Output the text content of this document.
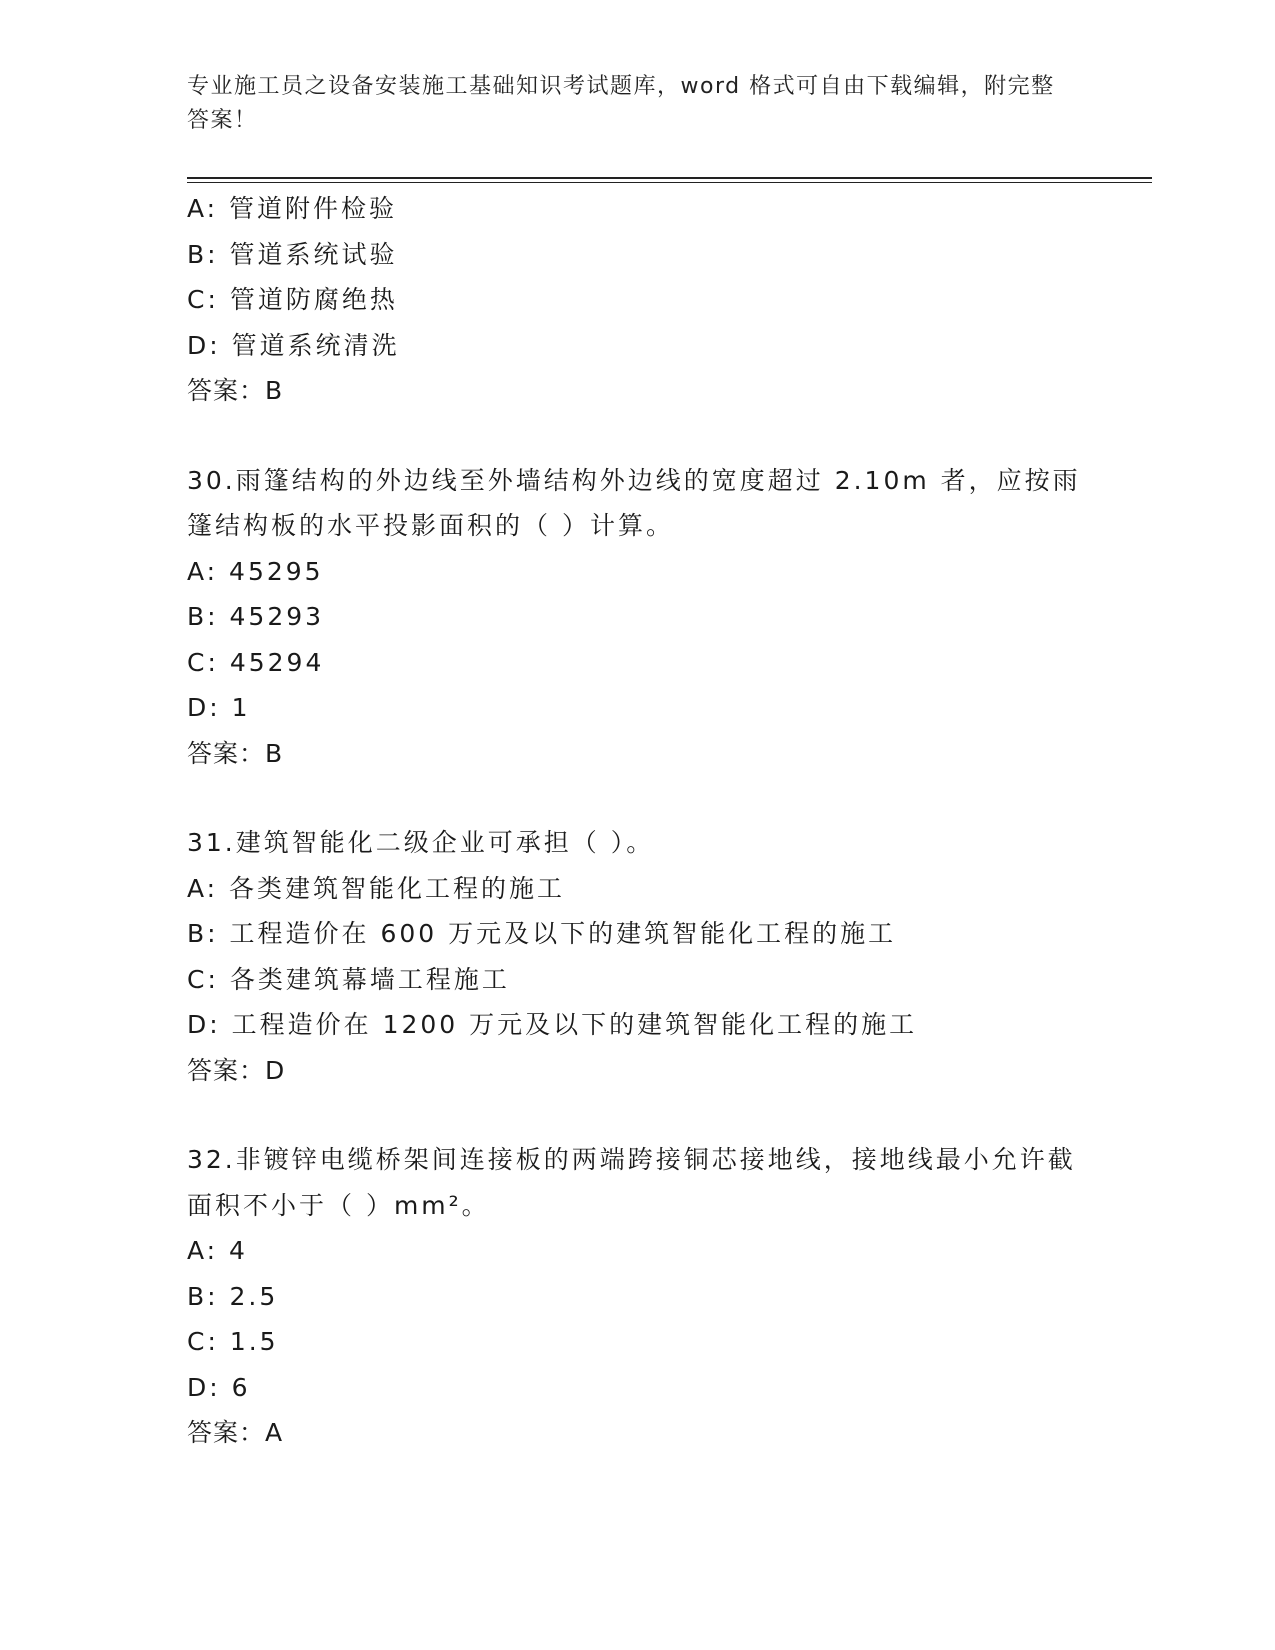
专业施工员之设备安装施工基础知识考试题库，word 格式可自由下载编辑，附完整答案！
A: 管道附件检验
B: 管道系统试验
C: 管道防腐绝热
D: 管道系统清洗
答案：B
30.雨篷结构的外边线至外墙结构外边线的宽度超过 2.10m 者，应按雨篷结构板的水平投影面积的（ ）计算。
A: 45295
B: 45293
C: 45294
D: 1
答案：B
31.建筑智能化二级企业可承担（ ）。
A: 各类建筑智能化工程的施工
B: 工程造价在 600 万元及以下的建筑智能化工程的施工
C: 各类建筑幕墙工程施工
D: 工程造价在 1200 万元及以下的建筑智能化工程的施工
答案：D
32.非镀锌电缆桥架间连接板的两端跨接铜芯接地线，接地线最小允许截面积不小于（ ）mm²。
A: 4
B: 2.5
C: 1.5
D: 6
答案：A
